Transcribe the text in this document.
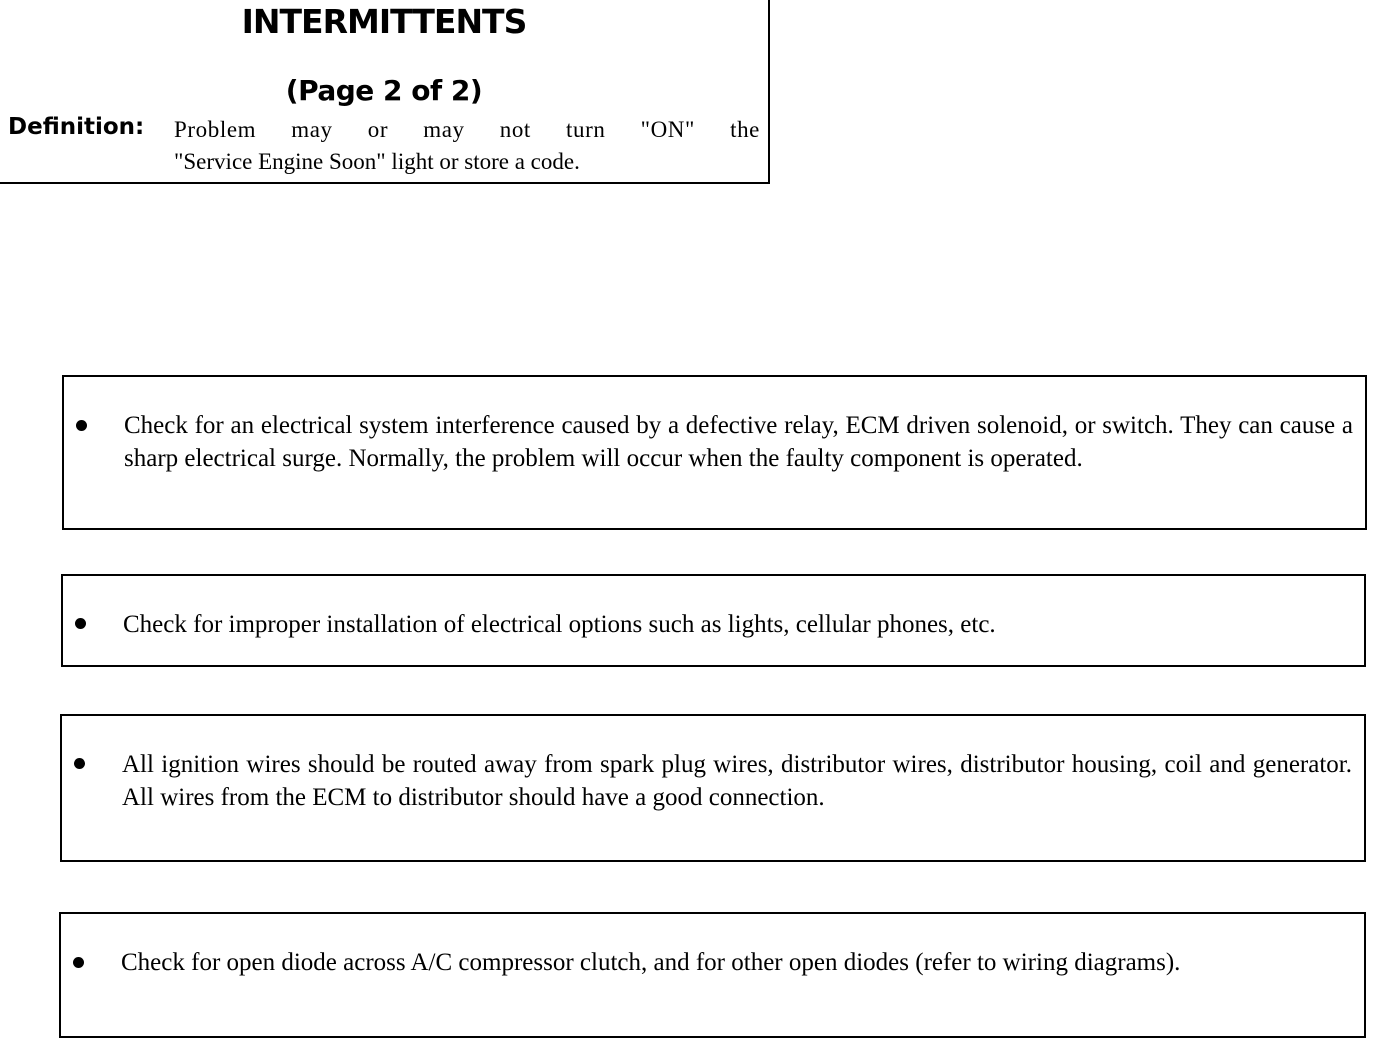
INTERMITTENTS
(Page 2 of 2)
Definition: Problem may or may not turn "ON" the
"Service Engine Soon" light or store a code.
Check for an electrical system interference caused by a defective relay, ECM driven solenoid, or switch. They can cause a sharp electrical surge. Normally, the problem will occur when the faulty component is operated.
Check for improper installation of electrical options such as lights, cellular phones, etc.
All ignition wires should be routed away from spark plug wires, distributor wires, distributor housing, coil and generator. All wires from the ECM to distributor should have a good connection.
Check for open diode across A/C compressor clutch, and for other open diodes (refer to wiring diagrams).
